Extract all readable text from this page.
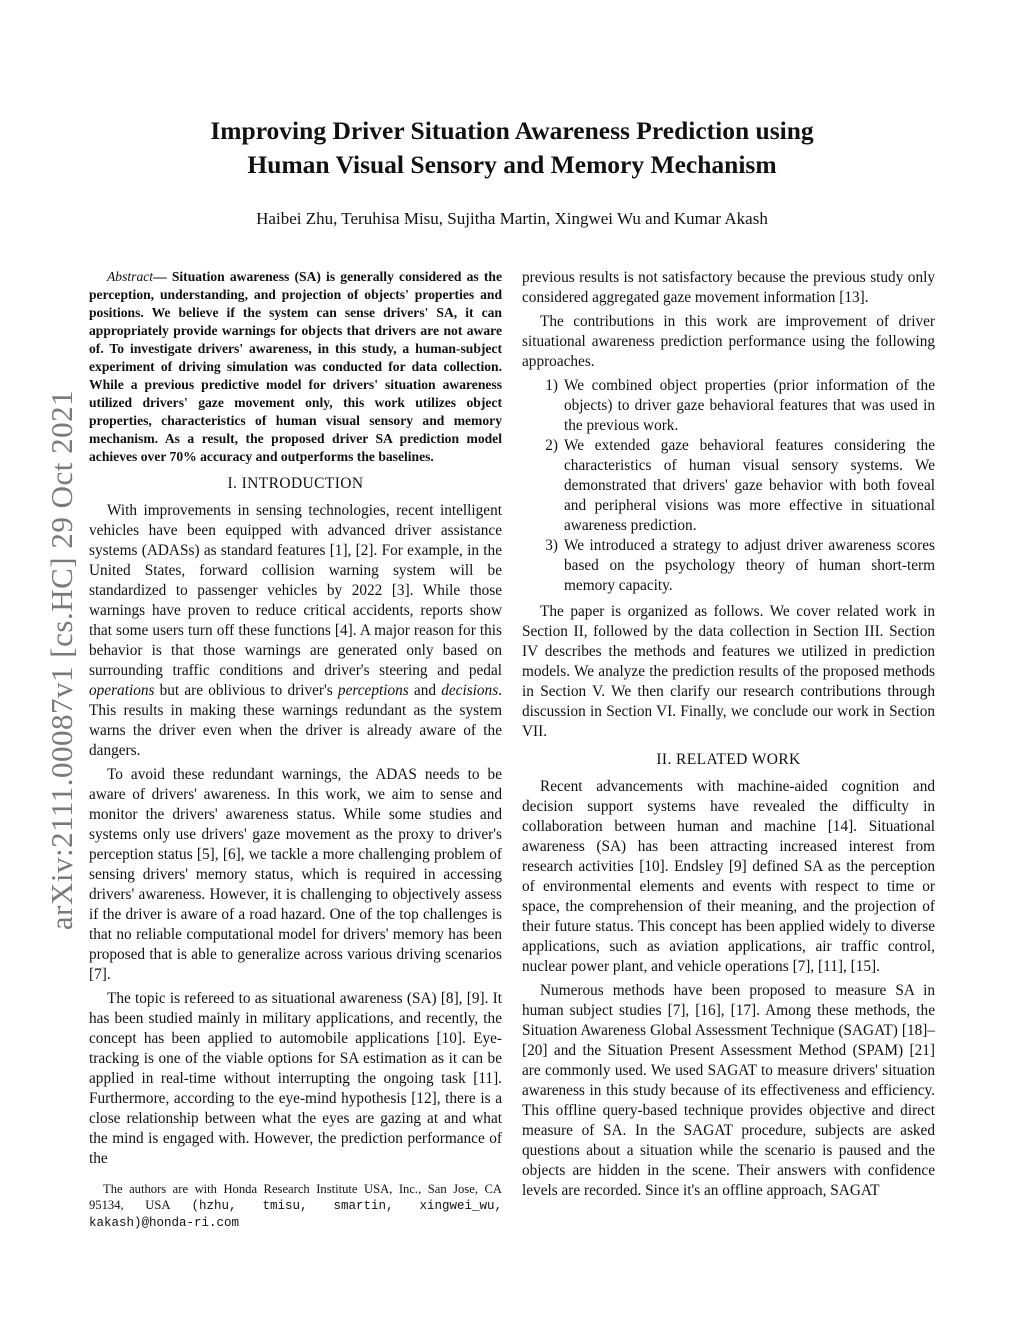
arXiv:2111.00087v1 [cs.HC] 29 Oct 2021
Improving Driver Situation Awareness Prediction using
Human Visual Sensory and Memory Mechanism
Haibei Zhu, Teruhisa Misu, Sujitha Martin, Xingwei Wu and Kumar Akash

Abstract— Situation awareness (SA) is generally considered as the perception, understanding, and projection of objects' properties and positions. We believe if the system can sense drivers' SA, it can appropriately provide warnings for objects that drivers are not aware of. To investigate drivers' awareness, in this study, a human-subject experiment of driving simulation was conducted for data collection. While a previous predictive model for drivers' situation awareness utilized drivers' gaze movement only, this work utilizes object properties, characteristics of human visual sensory and memory mechanism. As a result, the proposed driver SA prediction model achieves over 70% accuracy and outperforms the baselines.

I. INTRODUCTION

With improvements in sensing technologies, recent intelligent vehicles have been equipped with advanced driver assistance systems (ADASs) as standard features [1], [2]. For example, in the United States, forward collision warning system will be standardized to passenger vehicles by 2022 [3]. While those warnings have proven to reduce critical accidents, reports show that some users turn off these functions [4]. A major reason for this behavior is that those warnings are generated only based on surrounding traffic conditions and driver's steering and pedal operations but are oblivious to driver's perceptions and decisions. This results in making these warnings redundant as the system warns the driver even when the driver is already aware of the dangers.

To avoid these redundant warnings, the ADAS needs to be aware of drivers' awareness. In this work, we aim to sense and monitor the drivers' awareness status. While some studies and systems only use drivers' gaze movement as the proxy to driver's perception status [5], [6], we tackle a more challenging problem of sensing drivers' memory status, which is required in accessing drivers' awareness. However, it is challenging to objectively assess if the driver is aware of a road hazard. One of the top challenges is that no reliable computational model for drivers' memory has been proposed that is able to generalize across various driving scenarios [7].

The topic is refereed to as situational awareness (SA) [8], [9]. It has been studied mainly in military applications, and recently, the concept has been applied to automobile applications [10]. Eye-tracking is one of the viable options for SA estimation as it can be applied in real-time without interrupting the ongoing task [11]. Furthermore, according to the eye-mind hypothesis [12], there is a close relationship between what the eyes are gazing at and what the mind is engaged with. However, the prediction performance of the

The authors are with Honda Research Institute USA, Inc., San Jose, CA 95134, USA (hzhu, tmisu, smartin, xingwei_wu, kakash)@honda-ri.com

previous results is not satisfactory because the previous study only considered aggregated gaze movement information [13].

The contributions in this work are improvement of driver situational awareness prediction performance using the following approaches.

1) We combined object properties (prior information of the objects) to driver gaze behavioral features that was used in the previous work.
2) We extended gaze behavioral features considering the characteristics of human visual sensory systems. We demonstrated that drivers' gaze behavior with both foveal and peripheral visions was more effective in situational awareness prediction.
3) We introduced a strategy to adjust driver awareness scores based on the psychology theory of human short-term memory capacity.

The paper is organized as follows. We cover related work in Section II, followed by the data collection in Section III. Section IV describes the methods and features we utilized in prediction models. We analyze the prediction results of the proposed methods in Section V. We then clarify our research contributions through discussion in Section VI. Finally, we conclude our work in Section VII.

II. RELATED WORK

Recent advancements with machine-aided cognition and decision support systems have revealed the difficulty in collaboration between human and machine [14]. Situational awareness (SA) has been attracting increased interest from research activities [10]. Endsley [9] defined SA as the perception of environmental elements and events with respect to time or space, the comprehension of their meaning, and the projection of their future status. This concept has been applied widely to diverse applications, such as aviation applications, air traffic control, nuclear power plant, and vehicle operations [7], [11], [15].

Numerous methods have been proposed to measure SA in human subject studies [7], [16], [17]. Among these methods, the Situation Awareness Global Assessment Technique (SAGAT) [18]–[20] and the Situation Present Assessment Method (SPAM) [21] are commonly used. We used SAGAT to measure drivers' situation awareness in this study because of its effectiveness and efficiency. This offline query-based technique provides objective and direct measure of SA. In the SAGAT procedure, subjects are asked questions about a situation while the scenario is paused and the objects are hidden in the scene. Their answers with confidence levels are recorded. Since it's an offline approach, SAGAT
